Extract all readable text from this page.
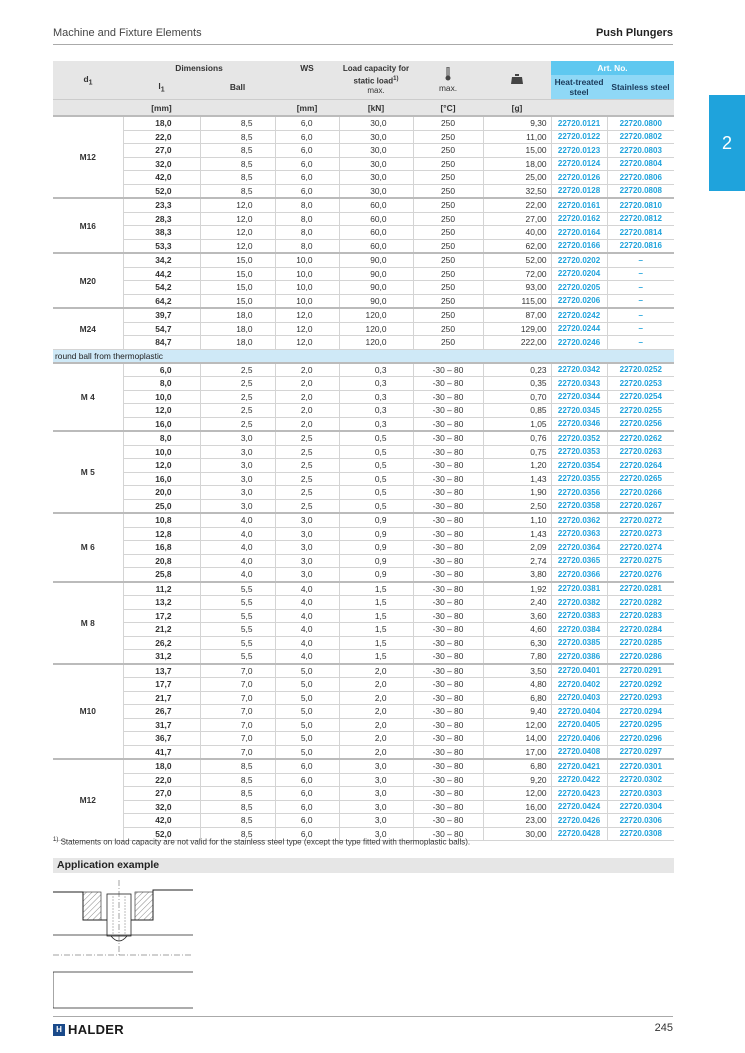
Machine and Fixture Elements	Push Plungers
2
$d_1$	Dimensions		WS	Load capacity for static load$^{1)}$
max.	max.		Art. No.	
	$l_1$	Ball					Heat-treated steel	Stainless steel
	[mm]		[mm]	[kN]	[°C]	[g]		
M12	18,0	8,5	6,0	30,0	250	9,30	22720.0121	22720.0800
	22,0	8,5	6,0	30,0	250	11,00	22720.0122	22720.0802
	27,0	8,5	6,0	30,0	250	15,00	22720.0123	22720.0803
	32,0	8,5	6,0	30,0	250	18,00	22720.0124	22720.0804
	42,0	8,5	6,0	30,0	250	25,00	22720.0126	22720.0806
	52,0	8,5	6,0	30,0	250	32,50	22720.0128	22720.0808
M16	23,3	12,0	8,0	60,0	250	22,00	22720.0161	22720.0810
	28,3	12,0	8,0	60,0	250	27,00	22720.0162	22720.0812
	38,3	12,0	8,0	60,0	250	40,00	22720.0164	22720.0814
	53,3	12,0	8,0	60,0	250	62,00	22720.0166	22720.0816
M20	34,2	15,0	10,0	90,0	250	52,00	22720.0202	–
	44,2	15,0	10,0	90,0	250	72,00	22720.0204	–
	54,2	15,0	10,0	90,0	250	93,00	22720.0205	–
	64,2	15,0	10,0	90,0	250	115,00	22720.0206	–
M24	39,7	18,0	12,0	120,0	250	87,00	22720.0242	–
	54,7	18,0	12,0	120,0	250	129,00	22720.0244	–
	84,7	18,0	12,0	120,0	250	222,00	22720.0246	–
round ball from thermoplastic								
M 4	6,0	2,5	2,0	0,3	-30 – 80	0,23	22720.0342	22720.0252
	8,0	2,5	2,0	0,3	-30 – 80	0,35	22720.0343	22720.0253
	10,0	2,5	2,0	0,3	-30 – 80	0,70	22720.0344	22720.0254
	12,0	2,5	2,0	0,3	-30 – 80	0,85	22720.0345	22720.0255
	16,0	2,5	2,0	0,3	-30 – 80	1,05	22720.0346	22720.0256
M 5	8,0	3,0	2,5	0,5	-30 – 80	0,76	22720.0352	22720.0262
	10,0	3,0	2,5	0,5	-30 – 80	0,75	22720.0353	22720.0263
	12,0	3,0	2,5	0,5	-30 – 80	1,20	22720.0354	22720.0264
	16,0	3,0	2,5	0,5	-30 – 80	1,43	22720.0355	22720.0265
	20,0	3,0	2,5	0,5	-30 – 80	1,90	22720.0356	22720.0266
	25,0	3,0	2,5	0,5	-30 – 80	2,50	22720.0358	22720.0267
M 6	10,8	4,0	3,0	0,9	-30 – 80	1,10	22720.0362	22720.0272
	12,8	4,0	3,0	0,9	-30 – 80	1,43	22720.0363	22720.0273
	16,8	4,0	3,0	0,9	-30 – 80	2,09	22720.0364	22720.0274
	20,8	4,0	3,0	0,9	-30 – 80	2,74	22720.0365	22720.0275
	25,8	4,0	3,0	0,9	-30 – 80	3,80	22720.0366	22720.0276
M 8	11,2	5,5	4,0	1,5	-30 – 80	1,92	22720.0381	22720.0281
	13,2	5,5	4,0	1,5	-30 – 80	2,40	22720.0382	22720.0282
	17,2	5,5	4,0	1,5	-30 – 80	3,60	22720.0383	22720.0283
	21,2	5,5	4,0	1,5	-30 – 80	4,60	22720.0384	22720.0284
	26,2	5,5	4,0	1,5	-30 – 80	6,30	22720.0385	22720.0285
	31,2	5,5	4,0	1,5	-30 – 80	7,80	22720.0386	22720.0286
M10	13,7	7,0	5,0	2,0	-30 – 80	3,50	22720.0401	22720.0291
	17,7	7,0	5,0	2,0	-30 – 80	4,80	22720.0402	22720.0292
	21,7	7,0	5,0	2,0	-30 – 80	6,80	22720.0403	22720.0293
	26,7	7,0	5,0	2,0	-30 – 80	9,40	22720.0404	22720.0294
	31,7	7,0	5,0	2,0	-30 – 80	12,00	22720.0405	22720.0295
	36,7	7,0	5,0	2,0	-30 – 80	14,00	22720.0406	22720.0296
	41,7	7,0	5,0	2,0	-30 – 80	17,00	22720.0408	22720.0297
M12	18,0	8,5	6,0	3,0	-30 – 80	6,80	22720.0421	22720.0301
	22,0	8,5	6,0	3,0	-30 – 80	9,20	22720.0422	22720.0302
	27,0	8,5	6,0	3,0	-30 – 80	12,00	22720.0423	22720.0303
	32,0	8,5	6,0	3,0	-30 – 80	16,00	22720.0424	22720.0304
	42,0	8,5	6,0	3,0	-30 – 80	23,00	22720.0426	22720.0306
	52,0	8,5	6,0	3,0	-30 – 80	30,00	22720.0428	22720.0308
$^{1)}$ Statements on load capacity are not valid for the stainless steel type (except the type fitted with thermoplastic balls).
Application example
H HALDER	245
